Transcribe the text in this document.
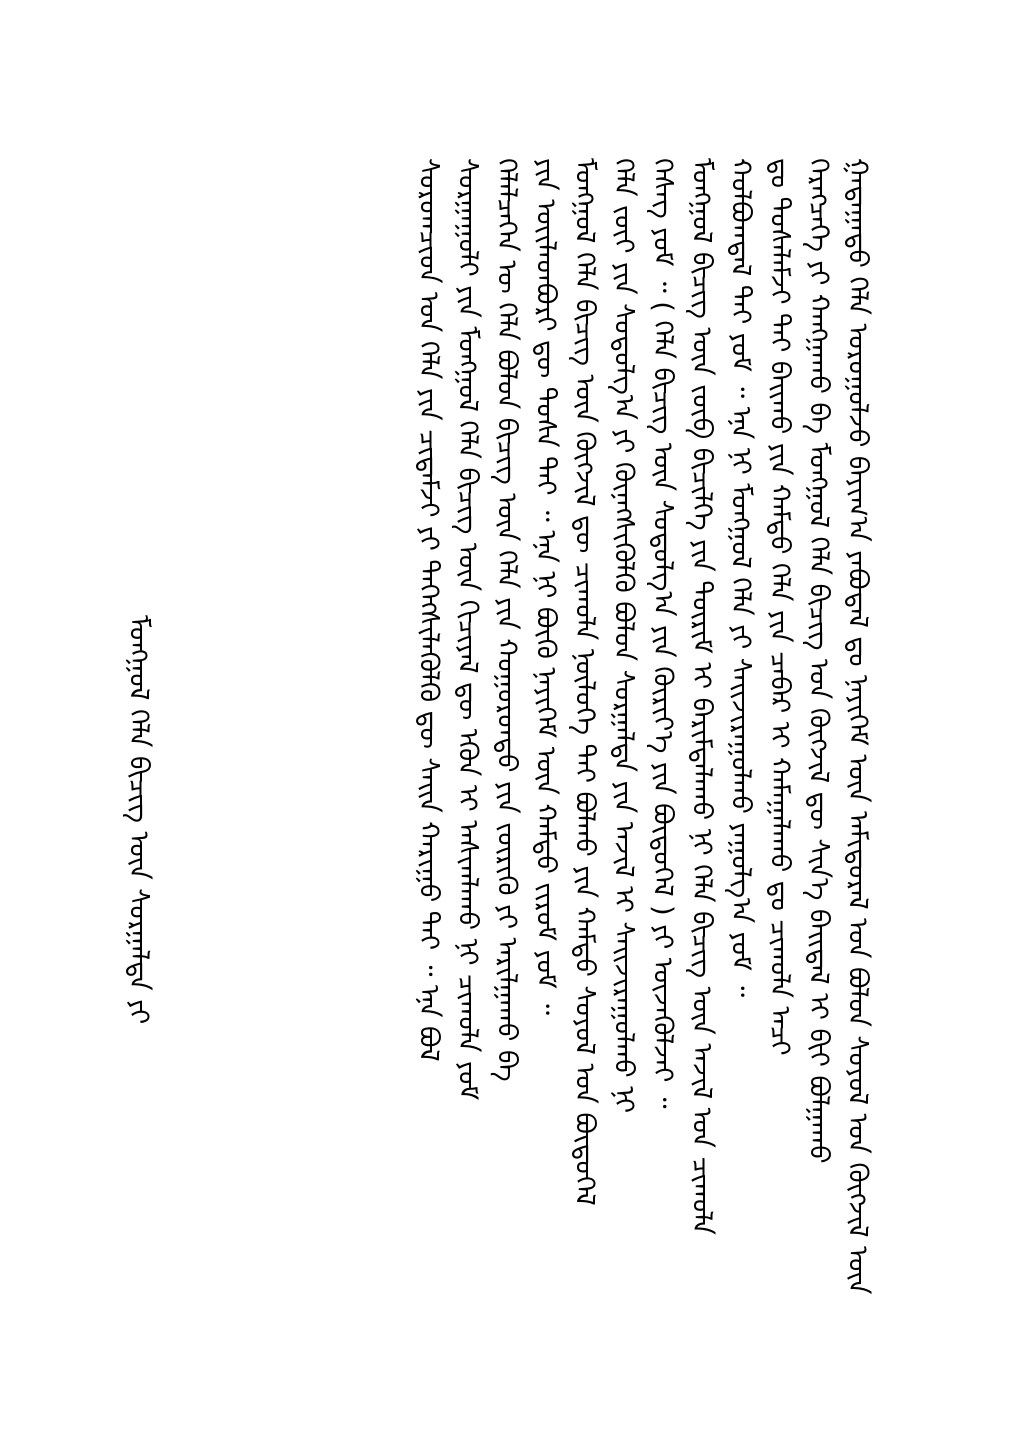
ᠮᠣᠩᠭᠣᠯ ᠬᠡᠯᠡ ᠪᠢᠴᠢᠭ ᠦᠨ ᠰᠤᠷᠭᠠᠯᠲᠠ ᠶᠢ	ᠭᠠᠳᠠᠭᠠᠳᠤ ᠬᠡᠯᠡ ᠤᠷᠤᠭᠤᠯᠵᠤ ᠪᠠᠶᠢᠭ᠎ᠠ ᠶᠠᠪᠤᠳᠠᠯ ᠳᠤ ᠨᠡᠶᠢᠭᠡᠮ ᠦᠨ ᠠᠮᠢᠳᠤᠷᠠᠯ ᠤᠨ ᠪᠣᠯᠤᠨ ᠰᠣᠶᠣᠯ ᠤᠨ ᠬᠦᠭᠵᠢᠯ ᠦᠨ
ᠬᠡᠷᠡᠭᠴᠡᠭᠡ ᠶᠢ ᠬᠠᠩᠭᠠᠬᠤ ᠪᠠ ᠮᠣᠩᠭᠣᠯ ᠬᠡᠯᠡ ᠪᠢᠴᠢᠭ ᠤᠨ ᠬᠥᠭᠵᠢᠯ ᠳᠦ ᠰᠢᠨ᠎ᠡ ᠪᠠᠢᠳᠠᠯ ᠢ ᠪᠢᠢ ᠪᠣᠯᠭᠠᠬᠤ
ᠳᠤ ᠳᠤᠰᠠᠯᠠᠮᠵᠢ ᠲᠠᠢ ᠪᠠᠢᠬᠤ ᠶᠢᠨ ᠬᠠᠮᠲᠤ ᠬᠡᠯᠡ ᠶᠢᠨ ᠴᠡᠪᠡᠷ ᠢ ᠬᠠᠮᠠᠭᠠᠯᠠᠬᠤ ᠳᠤ ᠴᠢᠬᠤᠯᠠ ᠠᠴᠢ
ᠬᠣᠯᠪᠣᠭᠳᠠᠯ ᠲᠠᠢ ᠶᠤᠮ ᠃ ᠡᠨᠡ ᠨᠢ ᠮᠣᠩᠭᠣᠯ ᠬᠡᠯᠡ ᠶᠢ ᠰᠠᠢᠵᠢᠷᠠᠭᠤᠯᠬᠤ ᠶᠠᠭᠤᠯᠭ᠎ᠠ ᠶᠤᠮ ᠃
ᠮᠣᠩᠭᠣᠯ ᠪᠢᠴᠢᠭ ᠦᠨ ᠵᠦᠪ ᠪᠢᠴᠢᠯᠭᠡ ᠶᠢᠨ ᠳᠦᠷᠢᠮ ᠢ ᠪᠠᠷᠢᠮᠲᠠᠯᠠᠬᠤ ᠨᠢ ᠬᠡᠯᠡ ᠪᠢᠴᠢᠭ ᠦᠨ ᠠᠵᠢᠯ ᠤᠨ ᠴᠢᠬᠤᠯᠠ
ᠬᠡᠰᠡᠭ ᠶᠤᠮ ᠃ ( ᠬᠡᠯᠡ ᠪᠢᠴᠢᠭ ᠦᠨ ᠰᠤᠳᠤᠯᠭ᠎ᠠ ᠶᠢᠨ ᠬᠦᠷᠢᠶ᠎ᠡ ᠶᠢᠨ ᠪᠦᠲᠦᠭᠡᠯ ) ᠶᠢ ᠦᠵᠡᠭᠦᠯᠵᠡᠢ ᠃
ᠬᠡᠯᠡ ᠵᠦᠢ ᠶᠢᠨ ᠰᠤᠳᠤᠯᠭ᠎ᠠ ᠶᠢ ᠭᠦᠨᠡᠭᠰᠢᠭᠦᠯᠬᠦ ᠪᠣᠯᠤᠨ ᠰᠤᠷᠭᠠᠯᠲᠠ ᠶᠢᠨ ᠠᠵᠢᠯ ᠢ ᠰᠠᠢᠵᠢᠷᠠᠭᠤᠯᠬᠤ ᠨᠢ
ᠮᠣᠩᠭᠣᠯ ᠬᠡᠯᠡ ᠪᠢᠴᠢᠭ ᠦᠨ ᠬᠥᠭᠵᠢᠯ ᠳᠦ ᠴᠢᠬᠤᠯᠠ ᠨᠥᠯᠦᠭᠡ ᠲᠠᠢ ᠪᠣᠯᠬᠤ ᠶᠢᠨ ᠬᠠᠮᠲᠤ ᠰᠣᠶᠣᠯ ᠤᠨ ᠪᠦᠲᠦᠭᠡᠯ
ᠶᠢᠨ ᠦᠢᠯᠡᠳᠪᠦᠷᠢ ᠳᠦ ᠲᠤᠰᠠ ᠲᠠᠢ ᠃ ᠡᠨᠡ ᠨᠢ ᠪᠦᠬᠦ ᠨᠡᠶᠢᠭᠡᠮ ᠦᠨ ᠬᠠᠮᠲᠤ ᠵᠢᠷᠤᠮ ᠶᠤᠮ ᠃
ᠬᠡᠯᠡᠯᠴᠡᠭᠡᠨ ᠦ ᠬᠡᠯᠡ ᠪᠣᠯᠤᠨ ᠪᠢᠴᠢᠭ ᠦᠨ ᠬᠡᠯᠡ ᠶᠢᠨ ᠬᠣᠭᠣᠷᠤᠨᠳᠤ ᠶᠢᠨ ᠵᠥᠷᠢᠭᠦ ᠶᠢ ᠠᠷᠢᠯᠭᠠᠬᠤ ᠪᠠ
ᠰᠤᠷᠭᠠᠭᠤᠯᠢ ᠶᠢᠨ ᠮᠣᠩᠭᠣᠯ ᠬᠡᠯᠡ ᠪᠢᠴᠢᠭ ᠦᠨ ᠬᠢᠴᠢᠶᠡᠯ ᠳᠦ ᠡᠭᠦᠨ ᠢ ᠠᠰᠢᠭᠯᠠᠬᠤ ᠨᠢ ᠴᠢᠬᠤᠯᠠ ᠶᠤᠮ
ᠰᠤᠷᠤᠭᠴᠢᠳ ᠤᠨ ᠬᠡᠯᠡ ᠶᠢᠨ ᠴᠢᠳᠠᠮᠵᠢ ᠶᠢ ᠳᠡᠭᠡᠭᠰᠢᠯᠡᠭᠦᠯᠬᠦ ᠳᠦ ᠰᠠᠢᠨ ᠬᠠᠷᠢᠭᠤ ᠲᠠᠢ ᠃ ᠡᠨᠡ ᠪᠣᠯ
